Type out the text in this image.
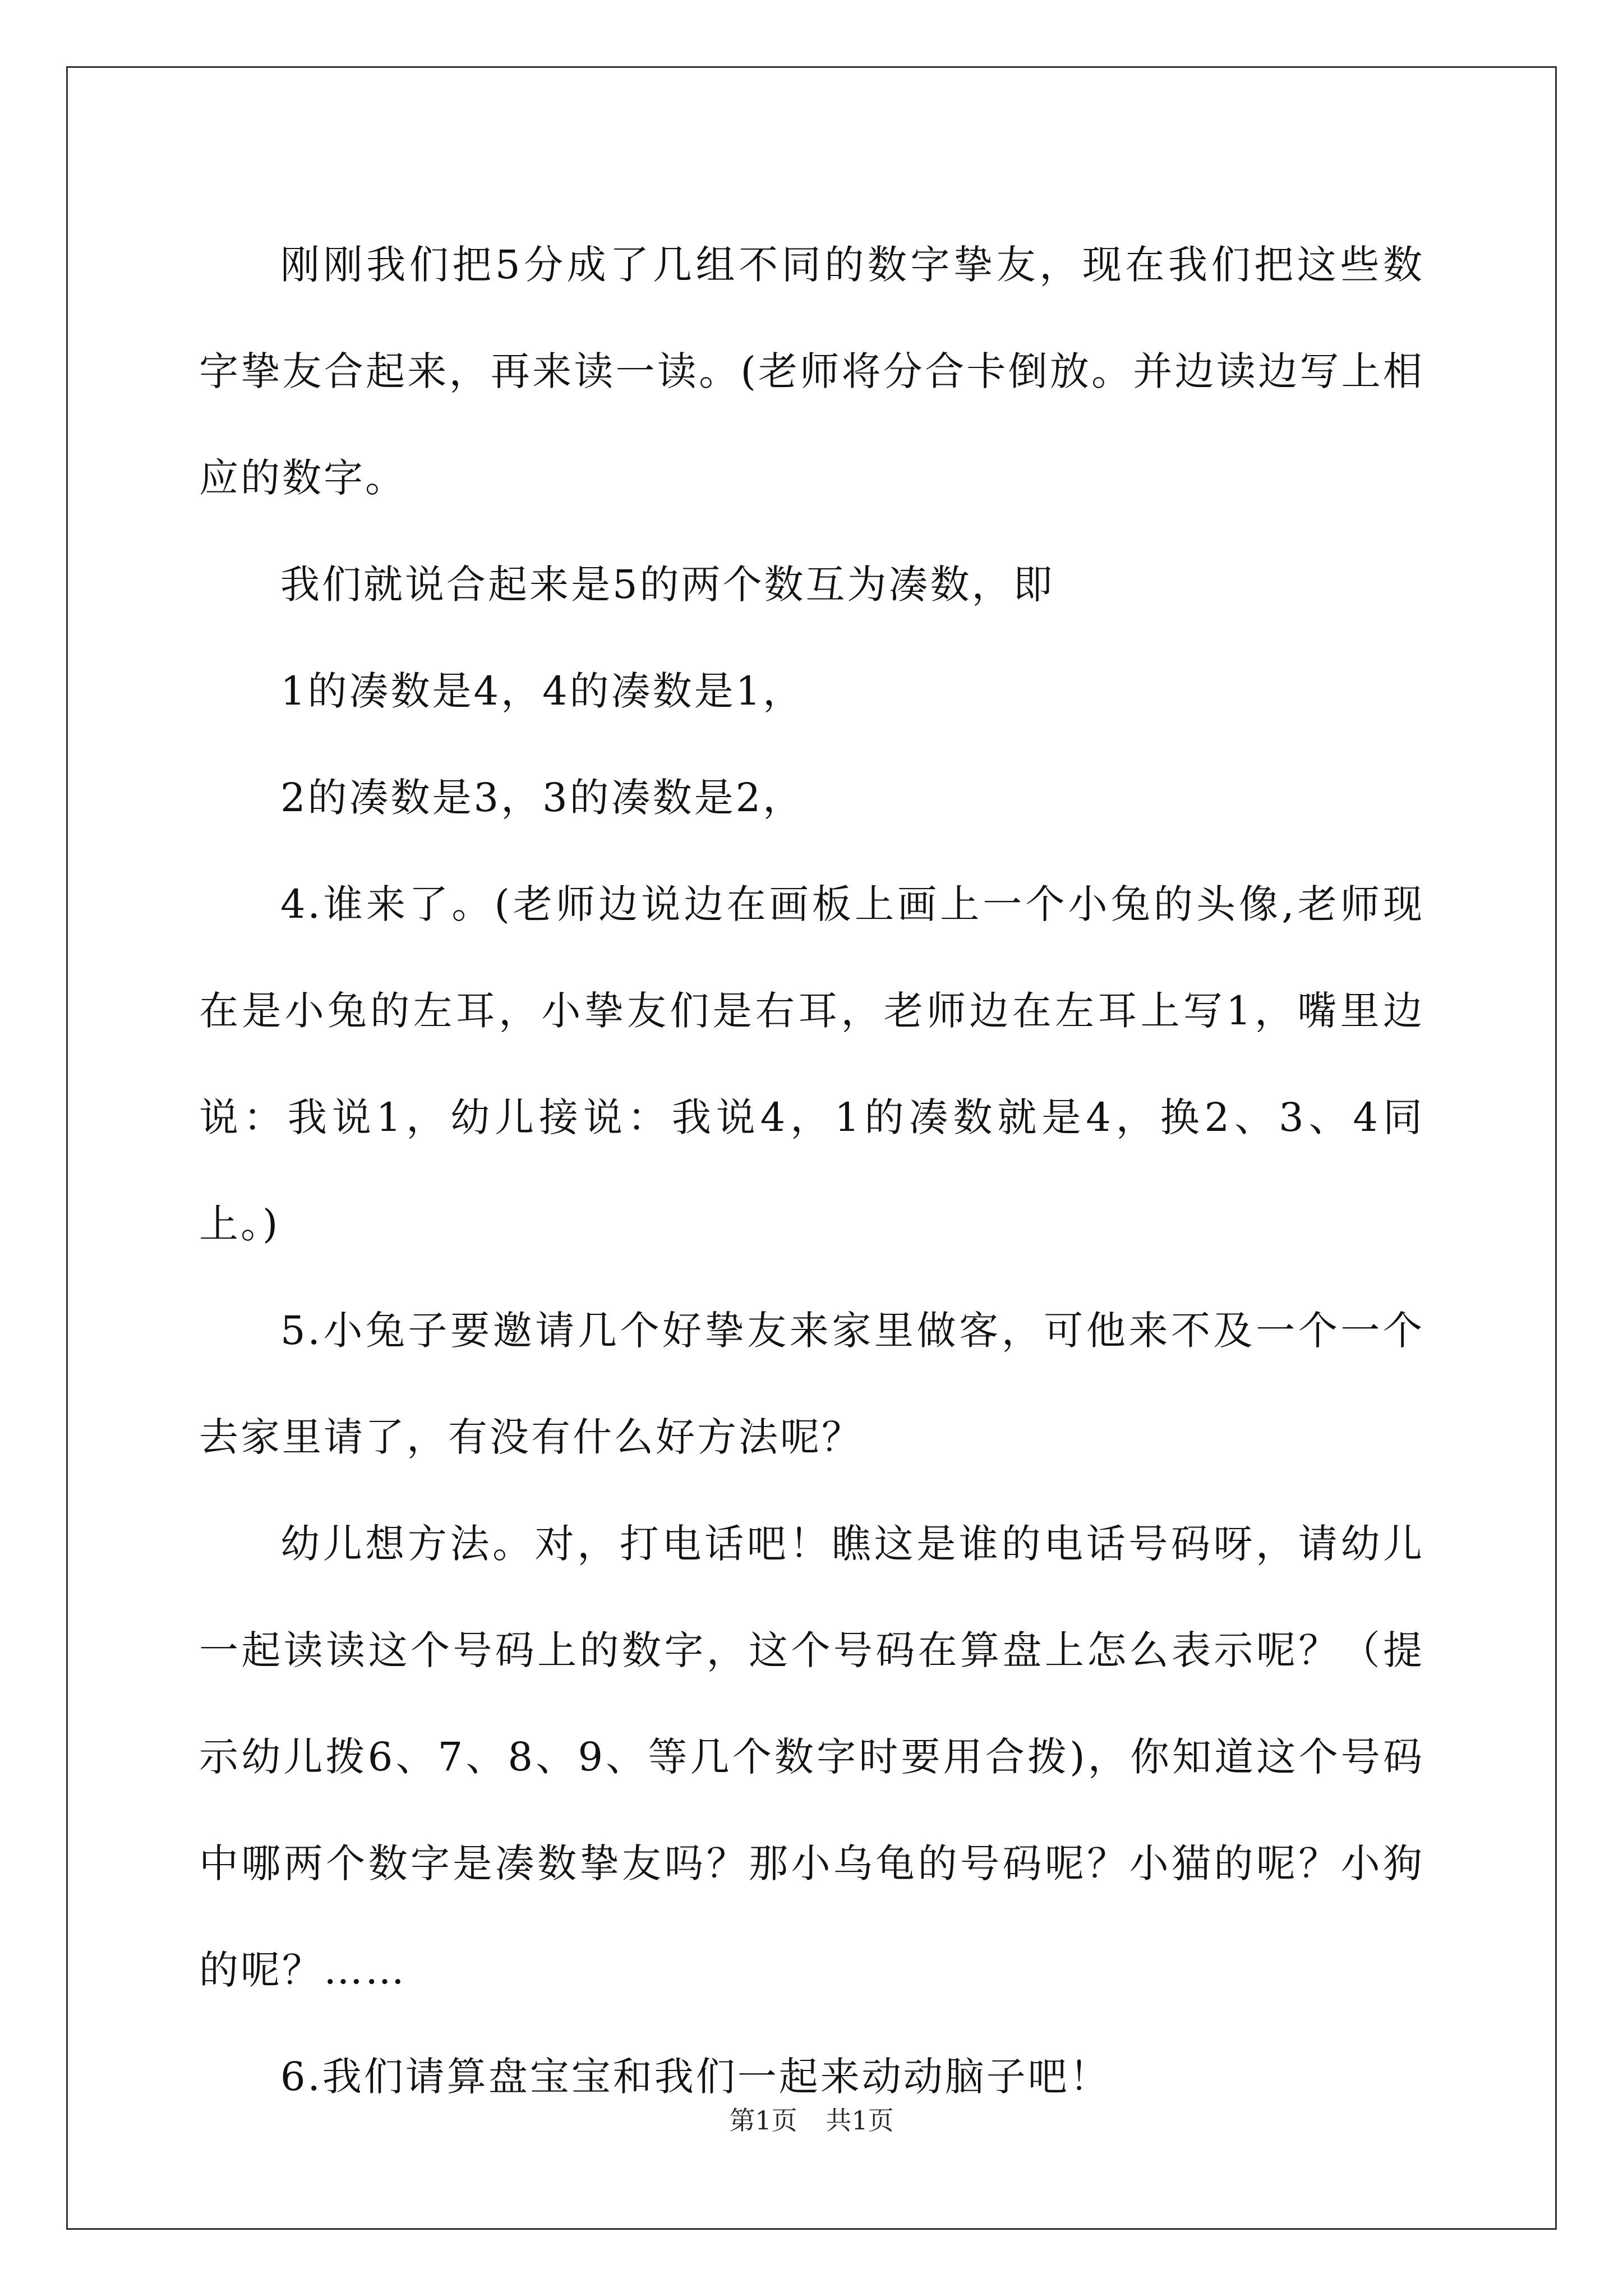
刚刚我们把5分成了几组不同的数字挚友，现在我们把这些数字挚友合起来，再来读一读。(老师将分合卡倒放。并边读边写上相应的数字。

我们就说合起来是5的两个数互为凑数，即

1的凑数是4，4的凑数是1，

2的凑数是3，3的凑数是2，

4.谁来了。(老师边说边在画板上画上一个小兔的头像,老师现在是小兔的左耳，小挚友们是右耳，老师边在左耳上写1，嘴里边说：我说1，幼儿接说：我说4，1的凑数就是4，换2、3、4同上。)

5.小兔子要邀请几个好挚友来家里做客，可他来不及一个一个去家里请了，有没有什么好方法呢？

幼儿想方法。对，打电话吧！瞧这是谁的电话号码呀，请幼儿一起读读这个号码上的数字，这个号码在算盘上怎么表示呢？（提示幼儿拨6、7、8、9、等几个数字时要用合拨)，你知道这个号码中哪两个数字是凑数挚友吗？那小乌龟的号码呢？小猫的呢？小狗的呢？……

6.我们请算盘宝宝和我们一起来动动脑子吧！

第1页 共1页
